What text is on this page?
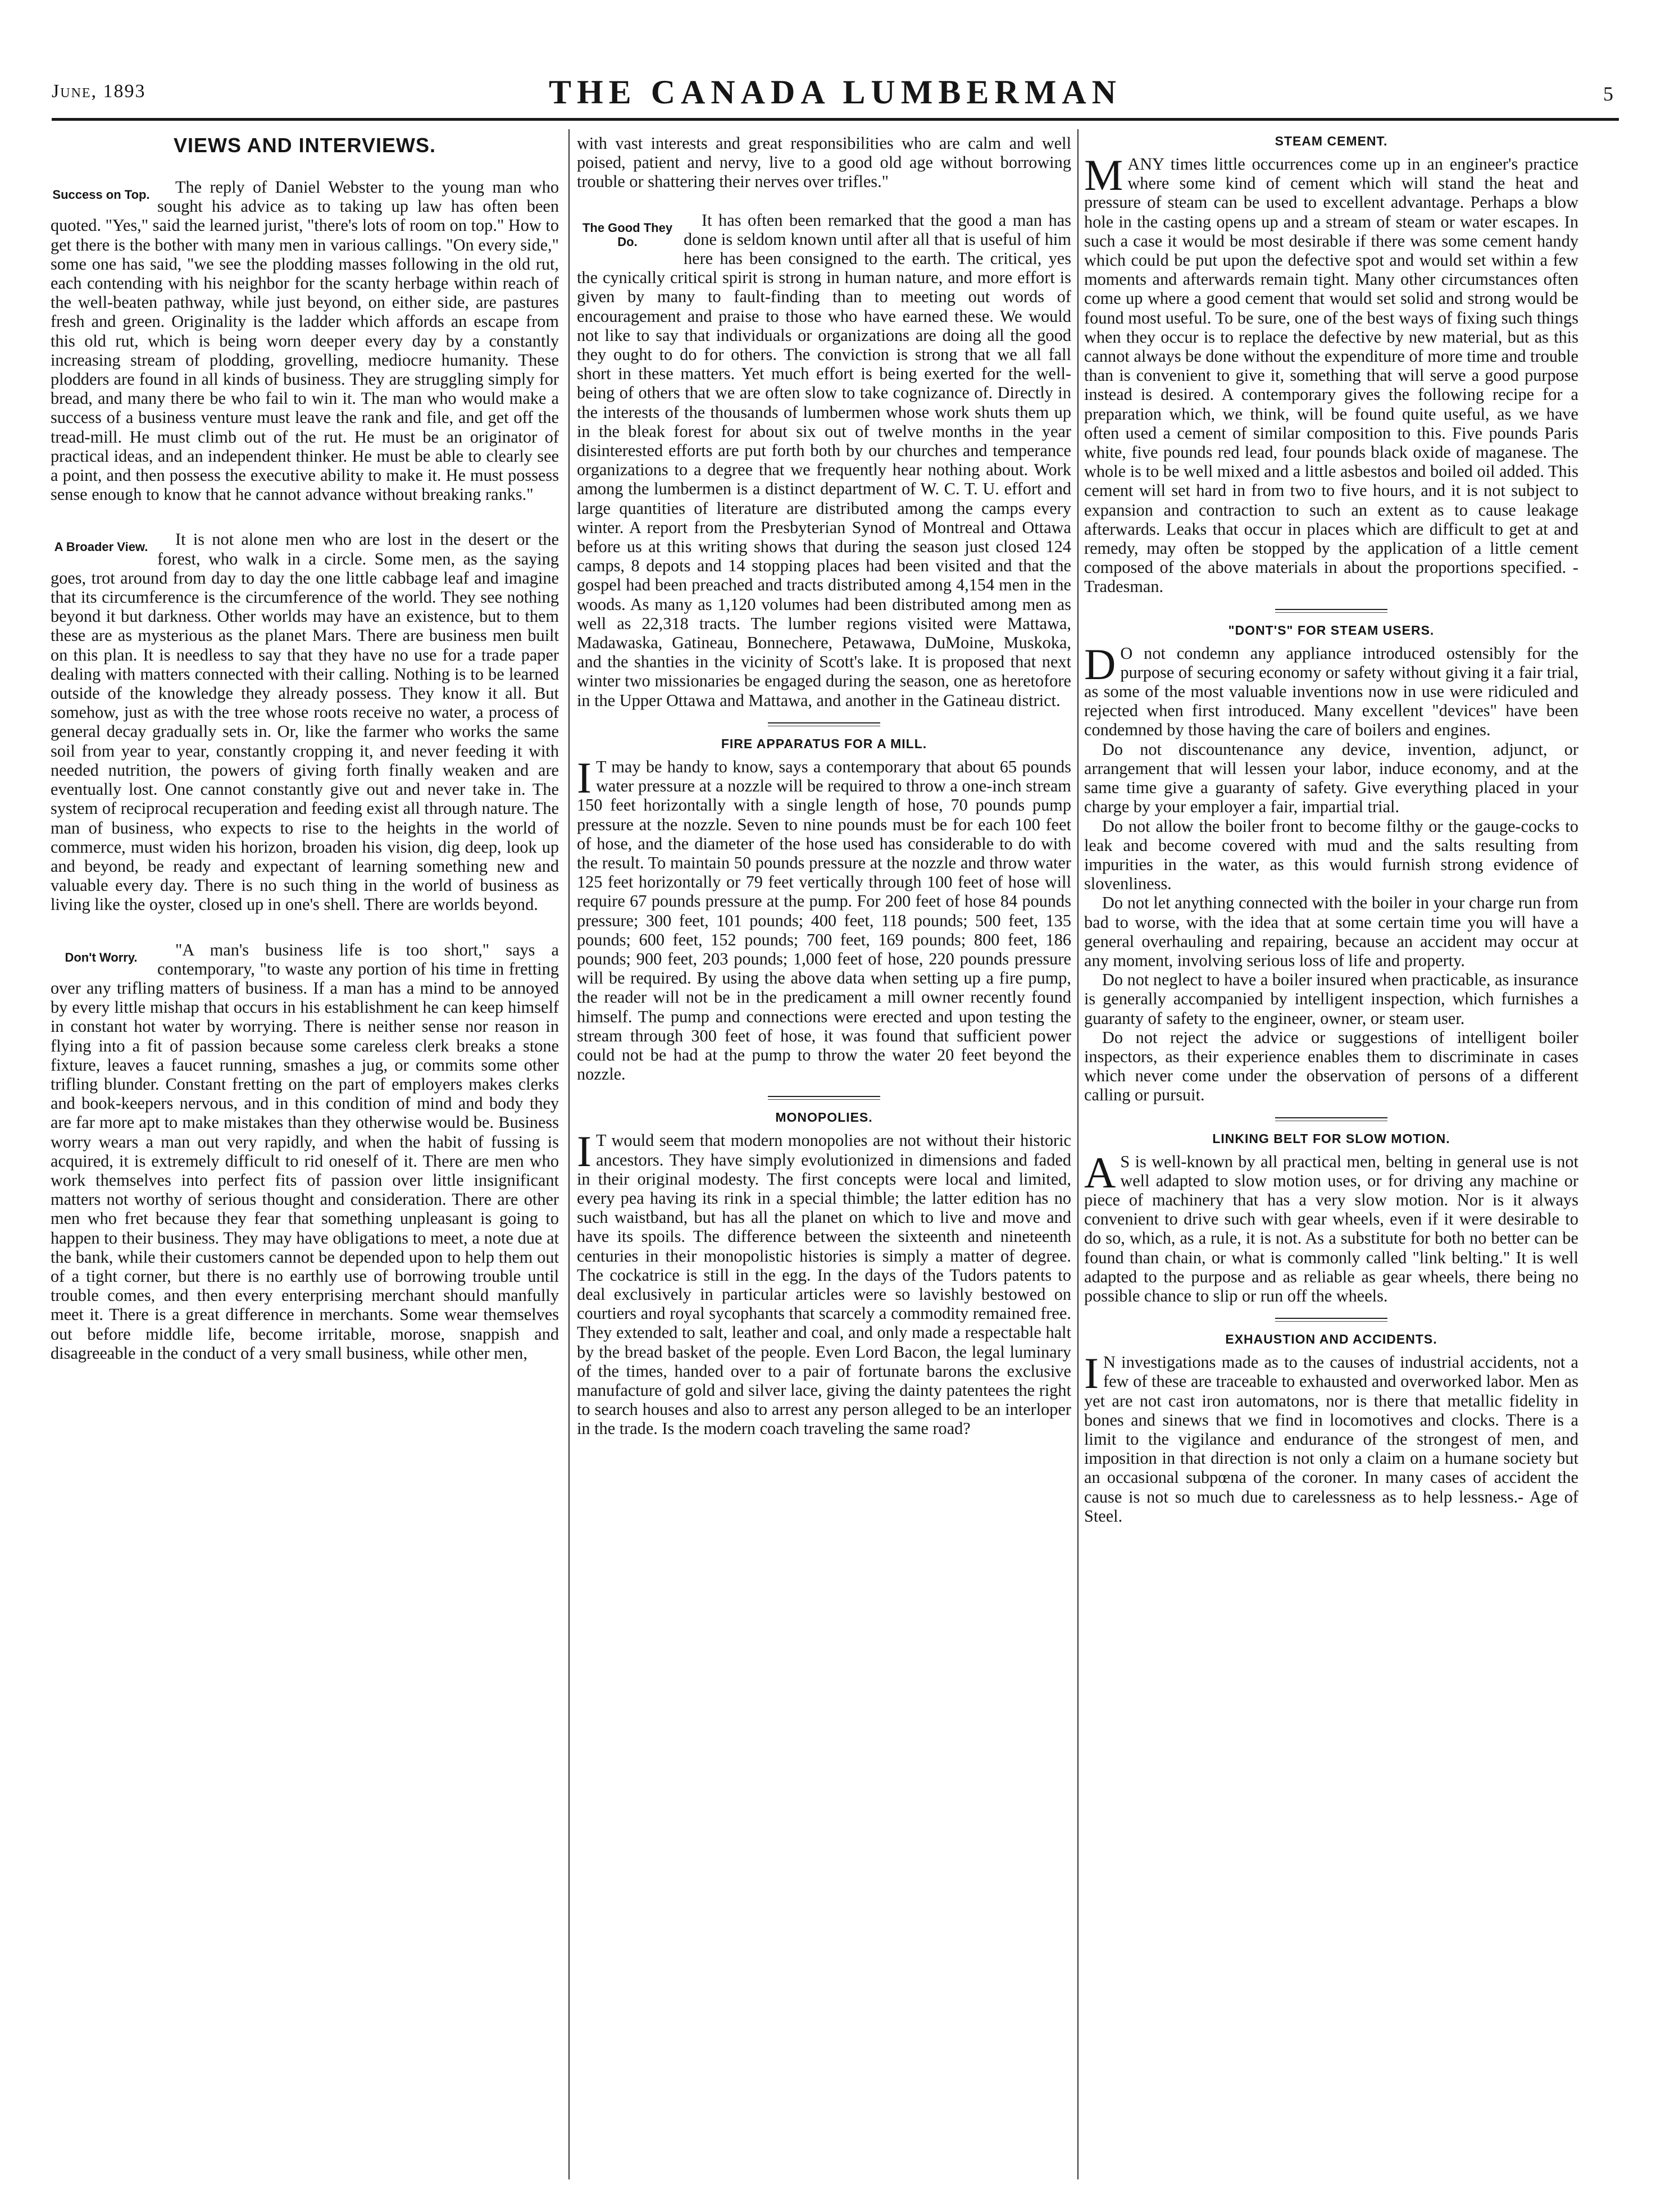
June, 1893	THE CANADA LUMBERMAN	5
VIEWS AND INTERVIEWS.
Success on Top.	The reply of Daniel Webster to the young man who sought his advice as to taking up law has often been quoted. "Yes," said the learned jurist, "there's lots of room on top." How to get there is the bother with many men in various callings. "On every side," some one has said, "we see the plodding masses following in the old rut, each contending with his neighbor for the scanty herbage within reach of the well-beaten pathway, while just beyond, on either side, are pastures fresh and green. Originality is the ladder which affords an escape from this old rut, which is being worn deeper every day by a constantly increasing stream of plodding, grovelling, mediocre humanity. These plodders are found in all kinds of business. They are struggling simply for bread, and many there be who fail to win it. The man who would make a success of a business venture must leave the rank and file, and get off the tread-mill. He must climb out of the rut. He must be an originator of practical ideas, and an independent thinker. He must be able to clearly see a point, and then possess the executive ability to make it. He must possess sense enough to know that he cannot advance without breaking ranks."

A Broader View.	It is not alone men who are lost in the desert or the forest, who walk in a circle. Some men, as the saying goes, trot around from day to day the one little cabbage leaf and imagine that its circumference is the circumference of the world. They see nothing beyond it but darkness. Other worlds may have an existence, but to them these are as mysterious as the planet Mars. There are business men built on this plan. It is needless to say that they have no use for a trade paper dealing with matters connected with their calling. Nothing is to be learned outside of the knowledge they already possess. They know it all. But somehow, just as with the tree whose roots receive no water, a process of general decay gradually sets in. Or, like the farmer who works the same soil from year to year, constantly cropping it, and never feeding it with needed nutrition, the powers of giving forth finally weaken and are eventually lost. One cannot constantly give out and never take in. The system of reciprocal recuperation and feeding exist all through nature. The man of business, who expects to rise to the heights in the world of commerce, must widen his horizon, broaden his vision, dig deep, look up and beyond, be ready and expectant of learning something new and valuable every day. There is no such thing in the world of business as living like the oyster, closed up in one's shell. There are worlds beyond.

Don't Worry.	"A man's business life is too short," says a contemporary, "to waste any portion of his time in fretting over any trifling matters of business. If a man has a mind to be annoyed by every little mishap that occurs in his establishment he can keep himself in constant hot water by worrying. There is neither sense nor reason in flying into a fit of passion because some careless clerk breaks a stone fixture, leaves a faucet running, smashes a jug, or commits some other trifling blunder. Constant fretting on the part of employers makes clerks and book-keepers nervous, and in this condition of mind and body they are far more apt to make mistakes than they otherwise would be. Business worry wears a man out very rapidly, and when the habit of fussing is acquired, it is extremely difficult to rid oneself of it. There are men who work themselves into perfect fits of passion over little insignificant matters not worthy of serious thought and consideration. There are other men who fret because they fear that something unpleasant is going to happen to their business. They may have obligations to meet, a note due at the bank, while their customers cannot be depended upon to help them out of a tight corner, but there is no earthly use of borrowing trouble until trouble comes, and then every enterprising merchant should manfully meet it. There is a great difference in merchants. Some wear themselves out before middle life, become irritable, morose, snappish and disagreeable in the conduct of a very small business, while other men,

with vast interests and great responsibilities who are calm and well poised, patient and nervy, live to a good old age without borrowing trouble or shattering their nerves over trifles."

The Good They Do.

It has often been remarked that the good a man has done is seldom known until after all that is useful of him here has been consigned to the earth. The critical, yes the cynically critical spirit is strong in human nature, and more effort is given by many to fault-finding than to meeting out words of encouragement and praise to those who have earned these. We would not like to say that individuals or organizations are doing all the good they ought to do for others. The conviction is strong that we all fall short in these matters. Yet much effort is being exerted for the well-being of others that we are often slow to take cognizance of. Directly in the interests of the thousands of lumbermen whose work shuts them up in the bleak forest for about six out of twelve months in the year disinterested efforts are put forth both by our churches and temperance organizations to a degree that we frequently hear nothing about. Work among the lumbermen is a distinct department of W. C. T. U. effort and large quantities of literature are distributed among the camps every winter. A report from the Presbyterian Synod of Montreal and Ottawa before us at this writing shows that during the season just closed 124 camps, 8 depots and 14 stopping places had been visited and that the gospel had been preached and tracts distributed among 4,154 men in the woods. As many as 1,120 volumes had been distributed among men as well as 22,318 tracts. The lumber regions visited were Mattawa, Madawaska, Gatineau, Bonnechere, Petawawa, DuMoine, Muskoka, and the shanties in the vicinity of Scott's lake. It is proposed that next winter two missionaries be engaged during the season, one as heretofore in the Upper Ottawa and Mattawa, and another in the Gatineau district.

FIRE APPARATUS FOR A MILL.

I T may be handy to know, says a contemporary that about 65 pounds water pressure at a nozzle will be required to throw a one-inch stream 150 feet horizontally with a single length of hose, 70 pounds pump pressure at the nozzle. Seven to nine pounds must be for each 100 feet of hose, and the diameter of the hose used has considerable to do with the result. To maintain 50 pounds pressure at the nozzle and throw water 125 feet horizontally or 79 feet vertically through 100 feet of hose will require 67 pounds pressure at the pump. For 200 feet of hose 84 pounds pressure; 300 feet, 101 pounds; 400 feet, 118 pounds; 500 feet, 135 pounds; 600 feet, 152 pounds; 700 feet, 169 pounds; 800 feet, 186 pounds; 900 feet, 203 pounds; 1,000 feet of hose, 220 pounds pressure will be required. By using the above data when setting up a fire pump, the reader will not be in the predicament a mill owner recently found himself. The pump and connections were erected and upon testing the stream through 300 feet of hose, it was found that sufficient power could not be had at the pump to throw the water 20 feet beyond the nozzle.

MONOPOLIES.

I T would seem that modern monopolies are not without their historic ancestors. They have simply evolutionized in dimensions and faded in their original modesty. The first concepts were local and limited, every pea having its rink in a special thimble; the latter edition has no such waistband, but has all the planet on which to live and move and have its spoils. The difference between the sixteenth and nineteenth centuries in their monopolistic histories is simply a matter of degree. The cockatrice is still in the egg. In the days of the Tudors patents to deal exclusively in particular articles were so lavishly bestowed on courtiers and royal sycophants that scarcely a commodity remained free. They extended to salt, leather and coal, and only made a respectable halt by the bread basket of the people. Even Lord Bacon, the legal luminary of the times, handed over to a pair of fortunate barons the exclusive manufacture of gold and silver lace, giving the dainty patentees the right to search houses and also to arrest any person alleged to be an interloper in the trade. Is the modern coach traveling the same road?

STEAM CEMENT.

MANY times little occurrences come up in an engineer's practice where some kind of cement which will stand the heat and pressure of steam can be used to excellent advantage. Perhaps a blow hole in the casting opens up and a stream of steam or water escapes. In such a case it would be most desirable if there was some cement handy which could be put upon the defective spot and would set within a few moments and afterwards remain tight. Many other circumstances often come up where a good cement that would set solid and strong would be found most useful. To be sure, one of the best ways of fixing such things when they occur is to replace the defective by new material, but as this cannot always be done without the expenditure of more time and trouble than is convenient to give it, something that will serve a good purpose instead is desired. A contemporary gives the following recipe for a preparation which, we think, will be found quite useful, as we have often used a cement of similar composition to this. Five pounds Paris white, five pounds red lead, four pounds black oxide of maganese. The whole is to be well mixed and a little asbestos and boiled oil added. This cement will set hard in from two to five hours, and it is not subject to expansion and contraction to such an extent as to cause leakage afterwards. Leaks that occur in places which are difficult to get at and remedy, may often be stopped by the application of a little cement composed of the above materials in about the proportions specified. -Tradesman.

"DONT'S" FOR STEAM USERS.

D O not condemn any appliance introduced ostensibly for the purpose of securing economy or safety without giving it a fair trial, as some of the most valuable inventions now in use were ridiculed and rejected when first introduced. Many excellent "devices" have been condemned by those having the care of boilers and engines.

Do not discountenance any device, invention, adjunct, or arrangement that will lessen your labor, induce economy, and at the same time give a guaranty of safety. Give everything placed in your charge by your employer a fair, impartial trial.

Do not allow the boiler front to become filthy or the gauge-cocks to leak and become covered with mud and the salts resulting from impurities in the water, as this would furnish strong evidence of slovenliness.

Do not let anything connected with the boiler in your charge run from bad to worse, with the idea that at some certain time you will have a general overhauling and repairing, because an accident may occur at any moment, involving serious loss of life and property.

Do not neglect to have a boiler insured when practicable, as insurance is generally accompanied by intelligent inspection, which furnishes a guaranty of safety to the engineer, owner, or steam user.

Do not reject the advice or suggestions of intelligent boiler inspectors, as their experience enables them to discriminate in cases which never come under the observation of persons of a different calling or pursuit.

LINKING BELT FOR SLOW MOTION.

A S is well-known by all practical men, belting in general use is not well adapted to slow motion uses, or for driving any machine or piece of machinery that has a very slow motion. Nor is it always convenient to drive such with gear wheels, even if it were desirable to do so, which, as a rule, it is not. As a substitute for both no better can be found than chain, or what is commonly called "link belting." It is well adapted to the purpose and as reliable as gear wheels, there being no possible chance to slip or run off the wheels.

EXHAUSTION AND ACCIDENTS.

I N investigations made as to the causes of industrial accidents, not a few of these are traceable to exhausted and overworked labor. Men as yet are not cast iron automatons, nor is there that metallic fidelity in bones and sinews that we find in locomotives and clocks. There is a limit to the vigilance and endurance of the strongest of men, and imposition in that direction is not only a claim on a humane society but an occasional subpœna of the coroner. In many cases of accident the cause is not so much due to carelessness as to help lessness.- Age of Steel.
